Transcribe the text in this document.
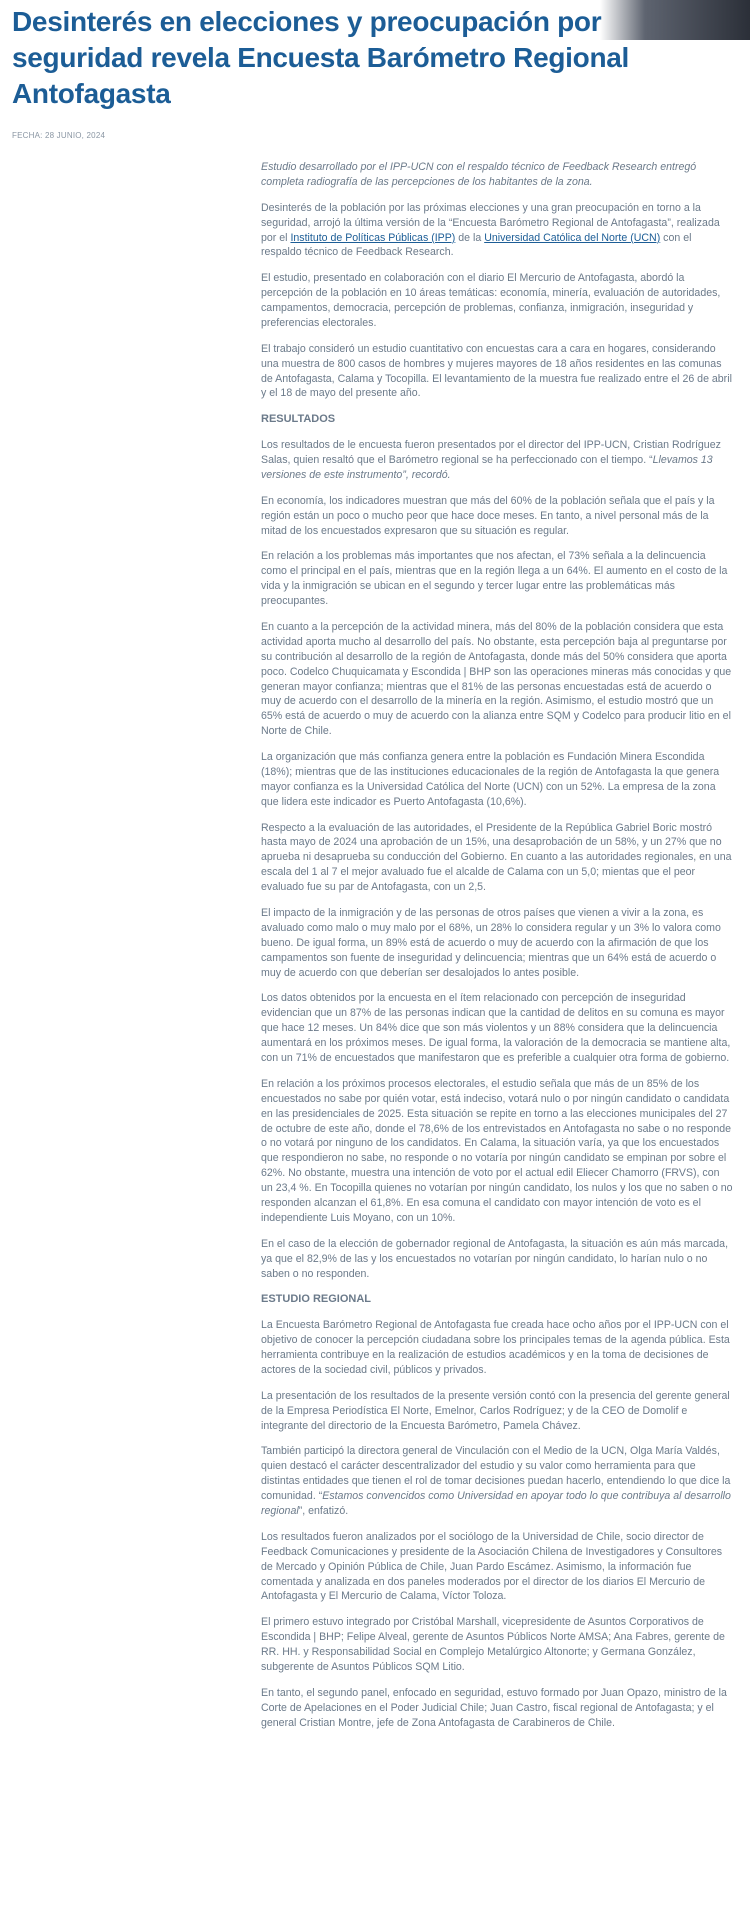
Desinterés en elecciones y preocupación por seguridad revela Encuesta Barómetro Regional Antofagasta
FECHA: 28 JUNIO, 2024

Estudio desarrollado por el IPP-UCN con el respaldo técnico de Feedback Research entregó completa radiografía de las percepciones de los habitantes de la zona.

Desinterés de la población por las próximas elecciones y una gran preocupación en torno a la seguridad, arrojó la última versión de la “Encuesta Barómetro Regional de Antofagasta”, realizada por el Instituto de Políticas Públicas (IPP) de la Universidad Católica del Norte (UCN) con el respaldo técnico de Feedback Research.

El estudio, presentado en colaboración con el diario El Mercurio de Antofagasta, abordó la percepción de la población en 10 áreas temáticas: economía, minería, evaluación de autoridades, campamentos, democracia, percepción de problemas, confianza, inmigración, inseguridad y preferencias electorales.

El trabajo consideró un estudio cuantitativo con encuestas cara a cara en hogares, considerando una muestra de 800 casos de hombres y mujeres mayores de 18 años residentes en las comunas de Antofagasta, Calama y Tocopilla. El levantamiento de la muestra fue realizado entre el 26 de abril y el 18 de mayo del presente año.

RESULTADOS

Los resultados de le encuesta fueron presentados por el director del IPP-UCN, Cristian Rodríguez Salas, quien resaltó que el Barómetro regional se ha perfeccionado con el tiempo. “Llevamos 13 versiones de este instrumento”, recordó.

En economía, los indicadores muestran que más del 60% de la población señala que el país y la región están un poco o mucho peor que hace doce meses. En tanto, a nivel personal más de la mitad de los encuestados expresaron que su situación es regular.

En relación a los problemas más importantes que nos afectan, el 73% señala a la delincuencia como el principal en el país, mientras que en la región llega a un 64%. El aumento en el costo de la vida y la inmigración se ubican en el segundo y tercer lugar entre las problemáticas más preocupantes.

En cuanto a la percepción de la actividad minera, más del 80% de la población considera que esta actividad aporta mucho al desarrollo del país. No obstante, esta percepción baja al preguntarse por su contribución al desarrollo de la región de Antofagasta, donde más del 50% considera que aporta poco. Codelco Chuquicamata y Escondida | BHP son las operaciones mineras más conocidas y que generan mayor confianza; mientras que el 81% de las personas encuestadas está de acuerdo o muy de acuerdo con el desarrollo de la minería en la región. Asimismo, el estudio mostró que un 65% está de acuerdo o muy de acuerdo con la alianza entre SQM y Codelco para producir litio en el Norte de Chile.

La organización que más confianza genera entre la población es Fundación Minera Escondida (18%); mientras que de las instituciones educacionales de la región de Antofagasta la que genera mayor confianza es la Universidad Católica del Norte (UCN) con un 52%. La empresa de la zona que lidera este indicador es Puerto Antofagasta (10,6%).

Respecto a la evaluación de las autoridades, el Presidente de la República Gabriel Boric mostró hasta mayo de 2024 una aprobación de un 15%, una desaprobación de un 58%, y un 27% que no aprueba ni desaprueba su conducción del Gobierno. En cuanto a las autoridades regionales, en una escala del 1 al 7 el mejor avaluado fue el alcalde de Calama con un 5,0; mientas que el peor evaluado fue su par de Antofagasta, con un 2,5.

El impacto de la inmigración y de las personas de otros países que vienen a vivir a la zona, es avaluado como malo o muy malo por el 68%, un 28% lo considera regular y un 3% lo valora como bueno. De igual forma, un 89% está de acuerdo o muy de acuerdo con la afirmación de que los campamentos son fuente de inseguridad y delincuencia; mientras que un 64% está de acuerdo o muy de acuerdo con que deberían ser desalojados lo antes posible.

Los datos obtenidos por la encuesta en el ítem relacionado con percepción de inseguridad evidencian que un 87% de las personas indican que la cantidad de delitos en su comuna es mayor que hace 12 meses. Un 84% dice que son más violentos y un 88% considera que la delincuencia aumentará en los próximos meses. De igual forma, la valoración de la democracia se mantiene alta, con un 71% de encuestados que manifestaron que es preferible a cualquier otra forma de gobierno.

En relación a los próximos procesos electorales, el estudio señala que más de un 85% de los encuestados no sabe por quién votar, está indeciso, votará nulo o por ningún candidato o candidata en las presidenciales de 2025. Esta situación se repite en torno a las elecciones municipales del 27 de octubre de este año, donde el 78,6% de los entrevistados en Antofagasta no sabe o no responde o no votará por ninguno de los candidatos. En Calama, la situación varía, ya que los encuestados que respondieron no sabe, no responde o no votaría por ningún candidato se empinan por sobre el 62%. No obstante, muestra una intención de voto por el actual edil Eliecer Chamorro (FRVS), con un 23,4 %. En Tocopilla quienes no votarían por ningún candidato, los nulos y los que no saben o no responden alcanzan el 61,8%. En esa comuna el candidato con mayor intención de voto es el independiente Luis Moyano, con un 10%.

En el caso de la elección de gobernador regional de Antofagasta, la situación es aún más marcada, ya que el 82,9% de las y los encuestados no votarían por ningún candidato, lo harían nulo o no saben o no responden.

ESTUDIO REGIONAL

La Encuesta Barómetro Regional de Antofagasta fue creada hace ocho años por el IPP-UCN con el objetivo de conocer la percepción ciudadana sobre los principales temas de la agenda pública. Esta herramienta contribuye en la realización de estudios académicos y en la toma de decisiones de actores de la sociedad civil, públicos y privados.

La presentación de los resultados de la presente versión contó con la presencia del gerente general de la Empresa Periodística El Norte, Emelnor, Carlos Rodríguez; y de la CEO de Domolif e integrante del directorio de la Encuesta Barómetro, Pamela Chávez.

También participó la directora general de Vinculación con el Medio de la UCN, Olga María Valdés, quien destacó el carácter descentralizador del estudio y su valor como herramienta para que distintas entidades que tienen el rol de tomar decisiones puedan hacerlo, entendiendo lo que dice la comunidad. “Estamos convencidos como Universidad en apoyar todo lo que contribuya al desarrollo regional”, enfatizó.

Los resultados fueron analizados por el sociólogo de la Universidad de Chile, socio director de Feedback Comunicaciones y presidente de la Asociación Chilena de Investigadores y Consultores de Mercado y Opinión Pública de Chile, Juan Pardo Escámez. Asimismo, la información fue comentada y analizada en dos paneles moderados por el director de los diarios El Mercurio de Antofagasta y El Mercurio de Calama, Víctor Toloza.

El primero estuvo integrado por Cristóbal Marshall, vicepresidente de Asuntos Corporativos de Escondida | BHP; Felipe Alveal, gerente de Asuntos Públicos Norte AMSA; Ana Fabres, gerente de RR. HH. y Responsabilidad Social en Complejo Metalúrgico Altonorte; y Germana González, subgerente de Asuntos Públicos SQM Litio.

En tanto, el segundo panel, enfocado en seguridad, estuvo formado por Juan Opazo, ministro de la Corte de Apelaciones en el Poder Judicial Chile; Juan Castro, fiscal regional de Antofagasta; y el general Cristian Montre, jefe de Zona Antofagasta de Carabineros de Chile.
